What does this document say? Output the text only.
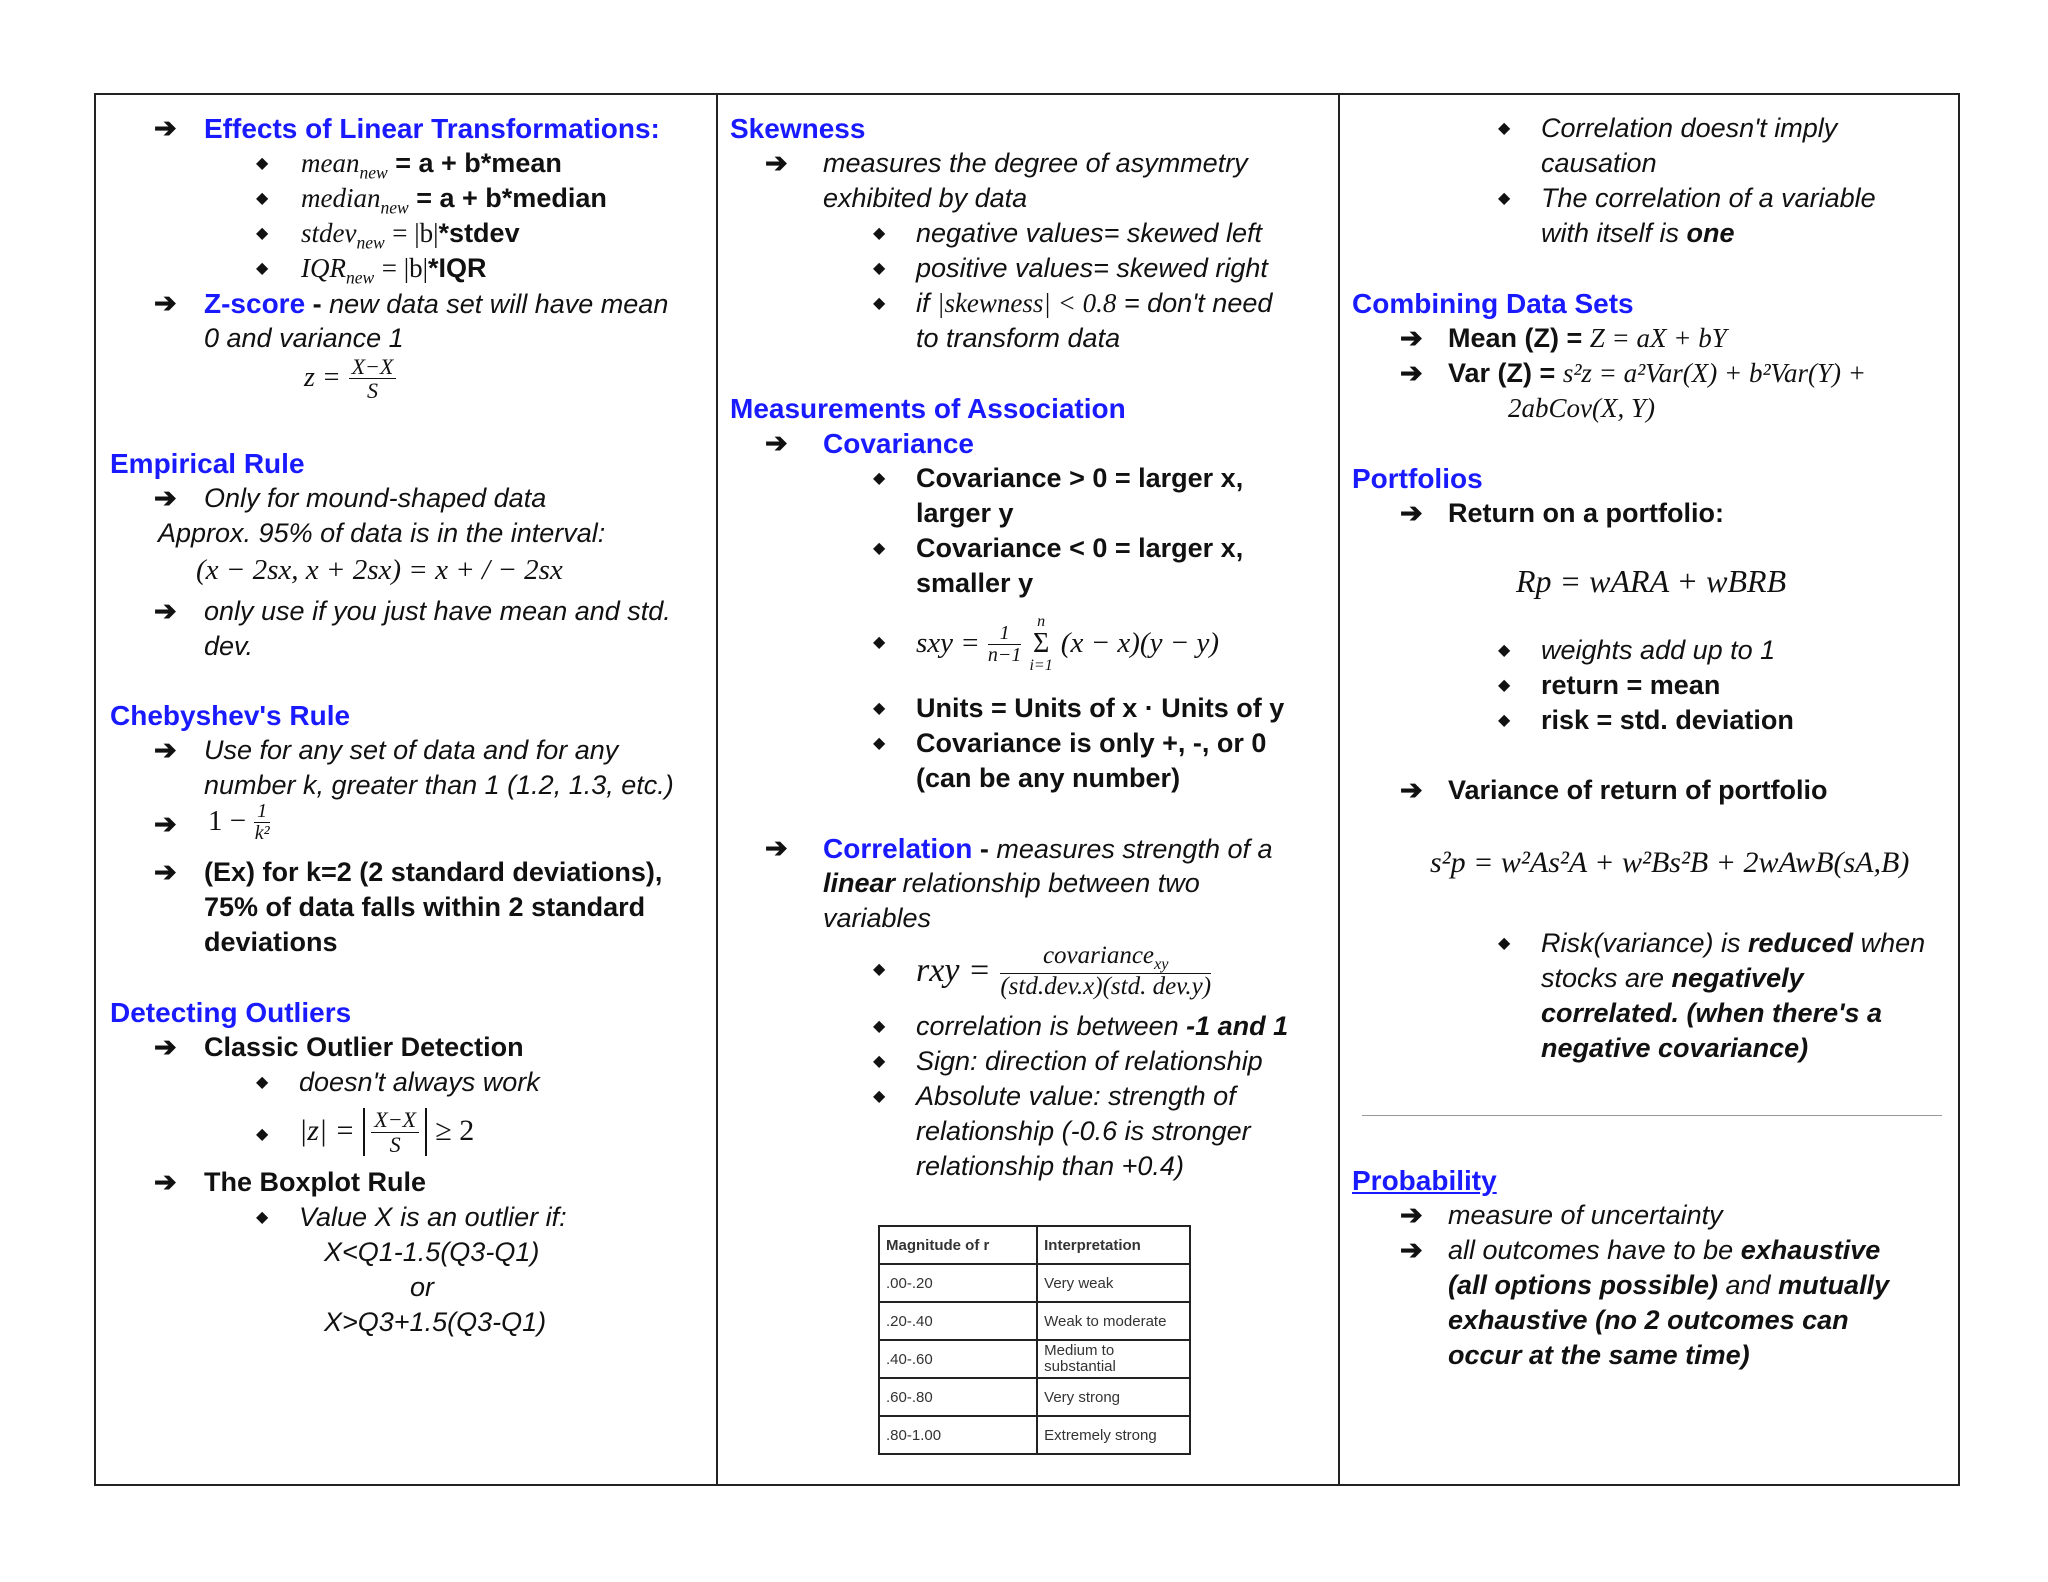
➔ Effects of Linear Transformations:
◆ mean$_{new}$ = a + b*mean
◆ median$_{new}$ = a + b*median
◆ stdev$_{new}$ = |b|*stdev
◆ $IQR_{new} = |b|*IQR$
➔ Z-score - new data set will have mean
0 and variance 1
$z = \frac{X-X}{S}$
Empirical Rule
➔ Only for mound-shaped data
Approx. 95% of data is in the interval:
(x − 2sx, x + 2sx) = x + / − 2sx
➔ only use if you just have mean and std.
dev.
Chebyshev's Rule
➔ Use for any set of data and for any
number k, greater than 1 (1.2, 1.3, etc.)
➔ $1 - \frac{1}{\text{k²}}$
➔ (Ex) for k=2 (2 standard deviations),
75% of data falls within 2 standard
deviations
Detecting Outliers
➔ Classic Outlier Detection
◆ doesn't always work
◆ $|z| = \frac{X-X}{S} \ge 2$
➔ The Boxplot Rule
◆ Value X is an outlier if:
X<Q1-1.5(Q3-Q1)
or
X>Q3+1.5(Q3-Q1)
Skewness
➔ measures the degree of asymmetry
exhibited by data
◆ negative values= skewed left
◆ positive values= skewed right
◆ if |skewness| < 0.8 = don't need
to transform data
Measurements of Association
➔ Covariance
◆ Covariance > 0 = larger x,
larger y
◆ Covariance < 0 = larger x,
smaller y
◆ sxy = $\frac{1}{n-1}$

n
Σ
i=1
(x − x)(y − y)
◆ Units = Units of x · Units of y
◆ Covariance is only +, -, or 0
(can be any number)
➔ Correlation - measures strength of a
linear relationship between two
variables
◆ rxy = $\frac{covariance_{xy}}{\text{(std.dev.x)(std. dev.y)}}$
◆ correlation is between -1 and 1
◆ Sign: direction of relationship
◆ Absolute value: strength of
relationship (-0.6 is stronger
relationship than +0.4)
Magnitude of r	Interpretation
.00-.20	Very weak
.20-.40	Weak to moderate
.40-.60	Medium to substantial
.60-.80	Very strong
.80-1.00	Extremely strong
◆ Correlation doesn't imply
causation
◆ The correlation of a variable
with itself is one
Combining Data Sets
➔ Mean (Z) = Z = aX + bY
➔ Var (Z) = s²z = a²Var(X) + b²Var(Y) +
2abCov(X, Y)
Portfolios
➔ Return on a portfolio:
Rp = wARA + wBRB
◆ weights add up to 1
◆ return = mean
◆ risk = std. deviation
➔ Variance of return of portfolio
s²p = w²As²A + w²Bs²B + 2wAwB(sA,B)
◆ Risk(variance) is reduced when
stocks are negatively
correlated. (when there's a
negative covariance)
Probability
➔ measure of uncertainty
➔ all outcomes have to be exhaustive
(all options possible) and mutually
exhaustive (no 2 outcomes can
occur at the same time)
